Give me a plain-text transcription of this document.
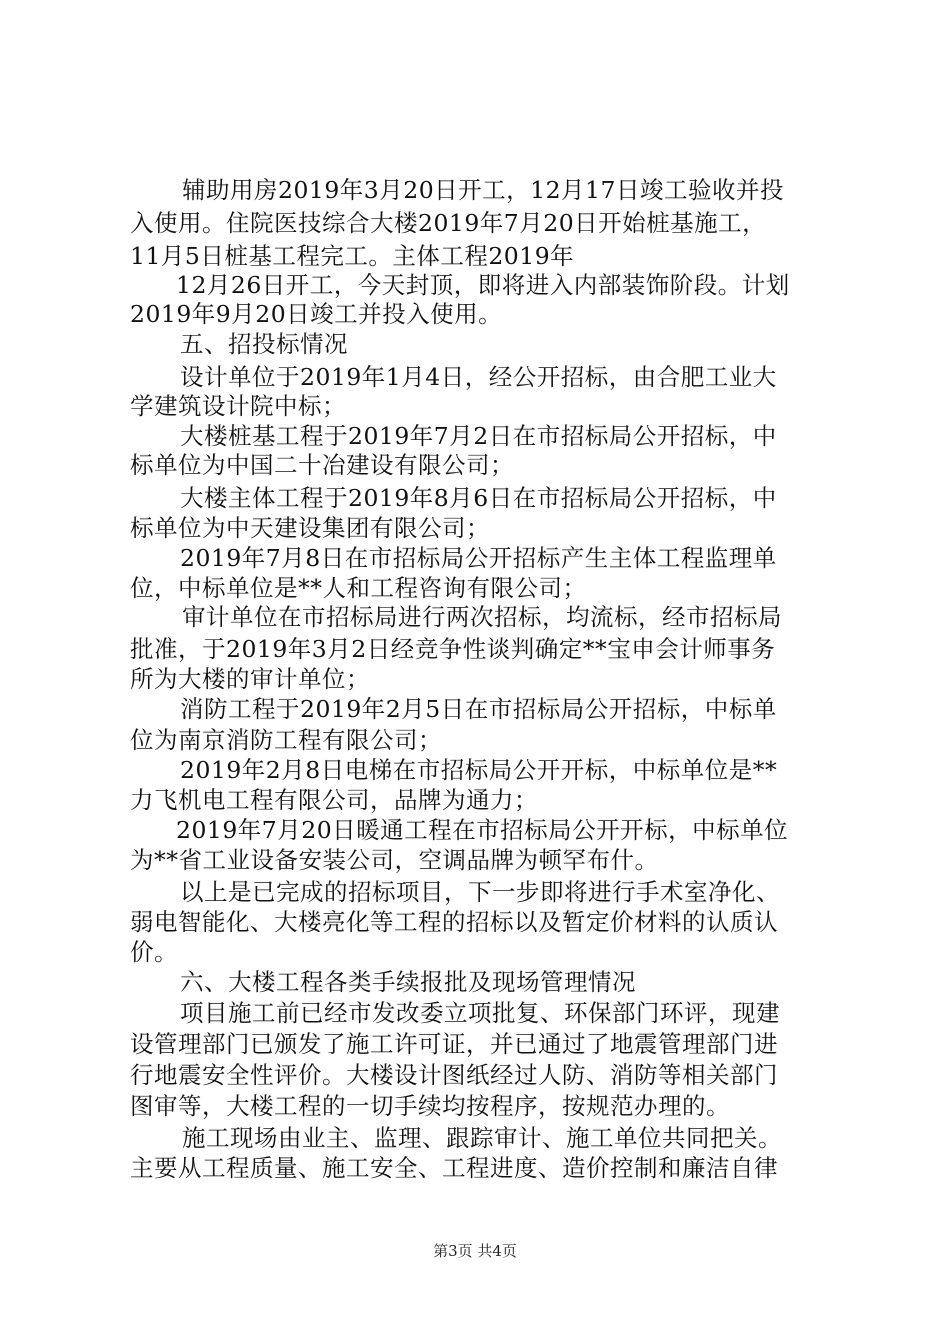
辅助用房2019年3月20日开工，12月17日竣工验收并投
入使用。住院医技综合大楼2019年7月20日开始桩基施工，
11月5日桩基工程完工。主体工程2019年
12月26日开工，今天封顶，即将进入内部装饰阶段。计划
2019年9月20日竣工并投入使用。
五、招投标情况
设计单位于2019年1月4日，经公开招标，由合肥工业大
学建筑设计院中标；
大楼桩基工程于2019年7月2日在市招标局公开招标，中
标单位为中国二十冶建设有限公司；
大楼主体工程于2019年8月6日在市招标局公开招标，中
标单位为中天建设集团有限公司；
2019年7月8日在市招标局公开招标产生主体工程监理单
位，中标单位是**人和工程咨询有限公司；
审计单位在市招标局进行两次招标，均流标，经市招标局
批准，于2019年3月2日经竞争性谈判确定**宝申会计师事务
所为大楼的审计单位；
消防工程于2019年2月5日在市招标局公开招标，中标单
位为南京消防工程有限公司；
2019年2月8日电梯在市招标局公开开标，中标单位是**
力飞机电工程有限公司，品牌为通力；
2019年7月20日暖通工程在市招标局公开开标，中标单位
为**省工业设备安装公司，空调品牌为顿罕布什。
以上是已完成的招标项目，下一步即将进行手术室净化、
弱电智能化、大楼亮化等工程的招标以及暂定价材料的认质认
价。
六、大楼工程各类手续报批及现场管理情况
项目施工前已经市发改委立项批复、环保部门环评，现建
设管理部门已颁发了施工许可证，并已通过了地震管理部门进
行地震安全性评价。大楼设计图纸经过人防、消防等相关部门
图审等，大楼工程的一切手续均按程序，按规范办理的。
施工现场由业主、监理、跟踪审计、施工单位共同把关。
主要从工程质量、施工安全、工程进度、造价控制和廉洁自律
第3页 共4页
